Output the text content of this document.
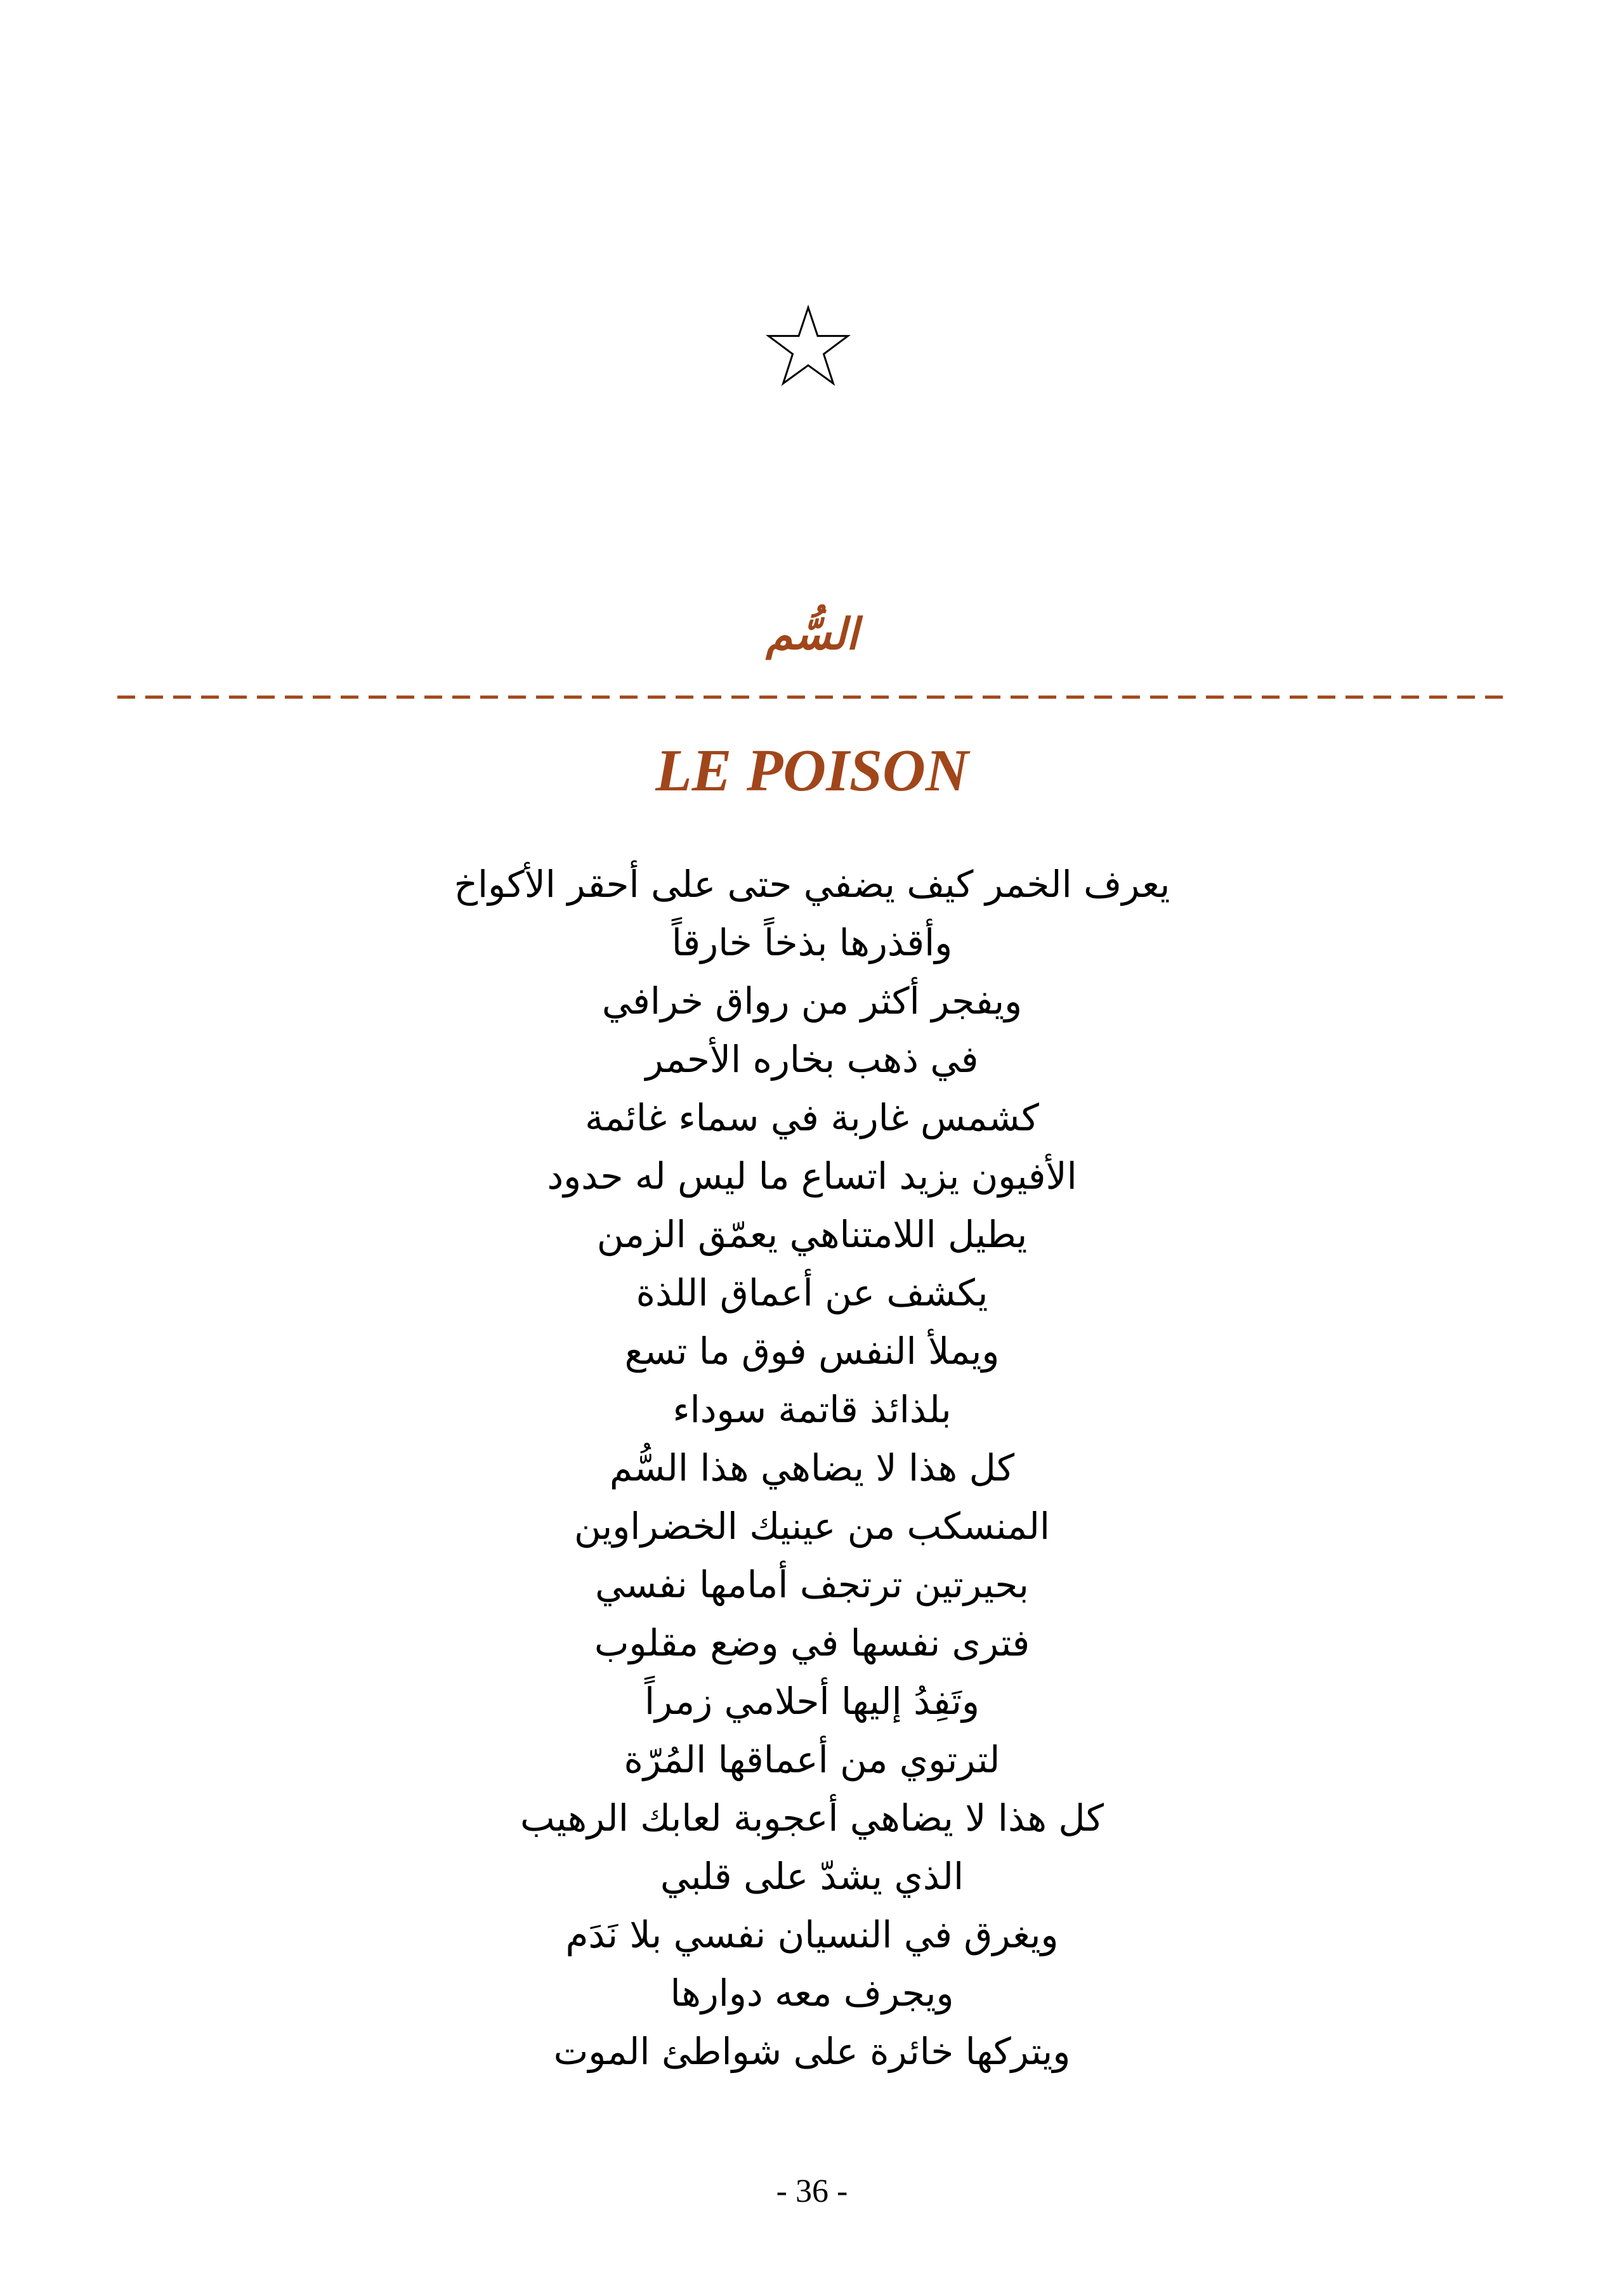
السُّم
LE POISON
يعرف الخمر كيف يضفي حتى على أحقر الأكواخ
وأقذرها بذخاً خارقاً
ويفجر أكثر من رواق خرافي
في ذهب بخاره الأحمر
كشمس غاربة في سماء غائمة
الأفيون يزيد اتساع ما ليس له حدود
يطيل اللامتناهي يعمّق الزمن
يكشف عن أعماق اللذة
ويملأ النفس فوق ما تسع
بلذائذ قاتمة سوداء
كل هذا لا يضاهي هذا السُّم
المنسكب من عينيك الخضراوين
بحيرتين ترتجف أمامها نفسي
فترى نفسها في وضع مقلوب
وتَفِدُ إليها أحلامي زمراً
لترتوي من أعماقها المُرّة
كل هذا لا يضاهي أعجوبة لعابك الرهيب
الذي يشدّ على قلبي
ويغرق في النسيان نفسي بلا نَدَم
ويجرف معه دوارها
ويتركها خائرة على شواطئ الموت
- 36 -
